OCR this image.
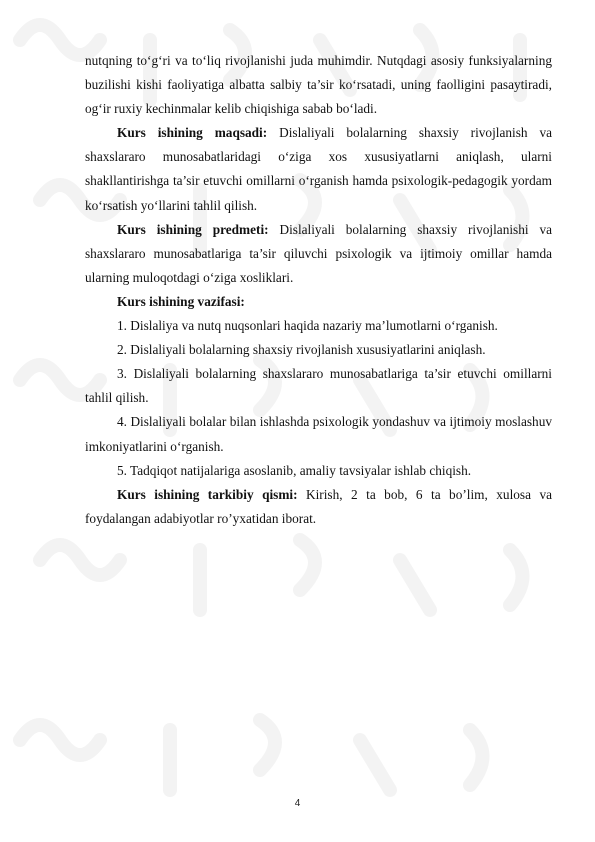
nutqning to‘g‘ri va to‘liq rivojlanishi juda muhimdir. Nutqdagi asosiy funksiyalarning buzilishi kishi faoliyatiga albatta salbiy ta’sir ko‘rsatadi, uning faolligini pasaytiradi, og‘ir ruxiy kechinmalar kelib chiqishiga sabab bo‘ladi.

Kurs ishining maqsadi: Dislaliyali bolalarning shaxsiy rivojlanish va shaxslararo munosabatlaridagi o‘ziga xos xususiyatlarni aniqlash, ularni shakllantirishga ta’sir etuvchi omillarni o‘rganish hamda psixologik-pedagogik yordam ko‘rsatish yo‘llarini tahlil qilish.

Kurs ishining predmeti: Dislaliyali bolalarning shaxsiy rivojlanishi va shaxslararo munosabatlariga ta’sir qiluvchi psixologik va ijtimoiy omillar hamda ularning muloqotdagi o‘ziga xosliklari.

Kurs ishining vazifasi:

1. Dislaliya va nutq nuqsonlari haqida nazariy ma’lumotlarni o‘rganish.

2. Dislaliyali bolalarning shaxsiy rivojlanish xususiyatlarini aniqlash.

3. Dislaliyali bolalarning shaxslararo munosabatlariga ta’sir etuvchi omillarni tahlil qilish.

4. Dislaliyali bolalar bilan ishlashda psixologik yondashuv va ijtimoiy moslashuv imkoniyatlarini o‘rganish.

5. Tadqiqot natijalariga asoslanib, amaliy tavsiyalar ishlab chiqish.

Kurs ishining tarkibiy qismi: Kirish, 2 ta bob, 6 ta bo’lim, xulosa va foydalangan adabiyotlar ro’yxatidan iborat.

4
